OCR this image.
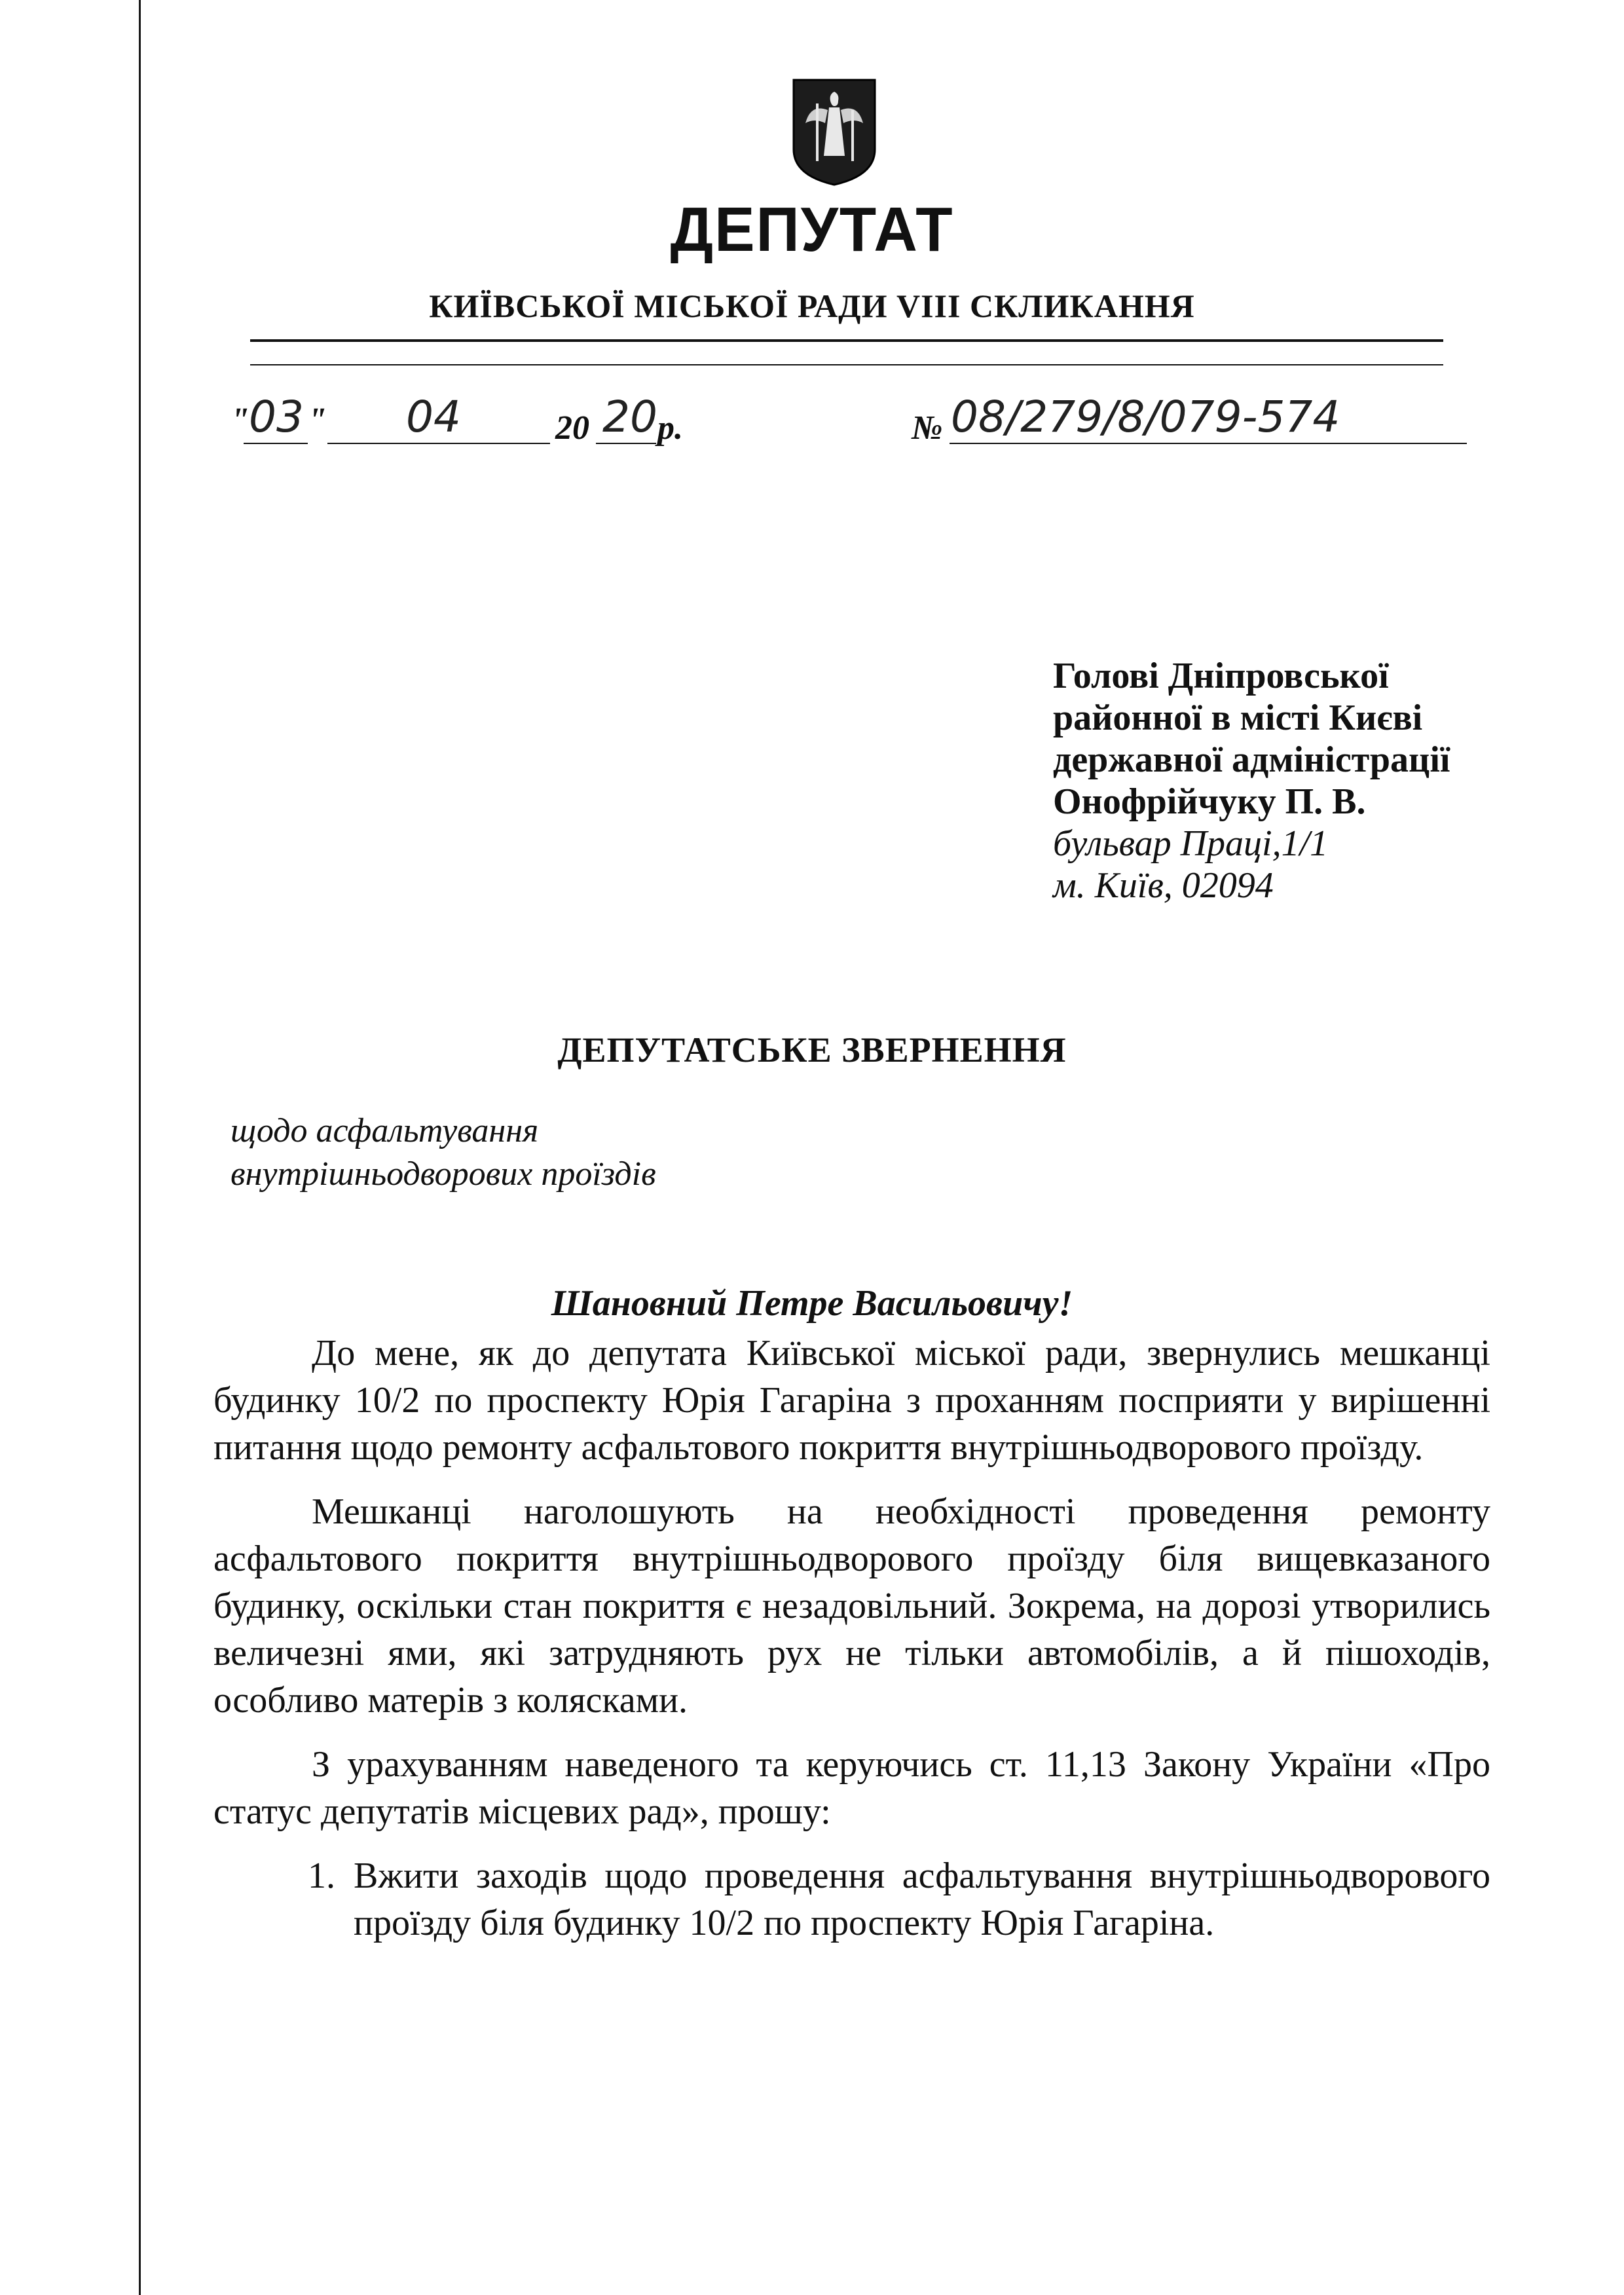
ДЕПУТАТ
КИЇВСЬКОЇ МІСЬКОЇ РАДИ VIII СКЛИКАННЯ
" 03 " 04	20 20 р.	№ 08/279/8/079-574
Голові Дніпровської
районної в місті Києві
державної адміністрації
Онофрійчуку П. В.
бульвар Праці,1/1
м. Київ, 02094
ДЕПУТАТСЬКЕ ЗВЕРНЕННЯ
щодо асфальтування
внутрішньодворових проїздів
Шановний Петре Васильовичу!

До мене, як до депутата Київської міської ради, звернулись мешканці будинку 10/2 по проспекту Юрія Гагаріна з проханням посприяти у вирішенні питання щодо ремонту асфальтового покриття внутрішньодворового проїзду.

Мешканці наголошують на необхідності проведення ремонту асфальтового покриття внутрішньодворового проїзду біля вищевказаного будинку, оскільки стан покриття є незадовільний. Зокрема, на дорозі утворились величезні ями, які затрудняють рух не тільки автомобілів, а й пішоходів, особливо матерів з колясками.

З урахуванням наведеного та керуючись ст. 11,13 Закону України «Про статус депутатів місцевих рад», прошу:

1. Вжити заходів щодо проведення асфальтування внутрішньодворового проїзду біля будинку 10/2 по проспекту Юрія Гагаріна.
